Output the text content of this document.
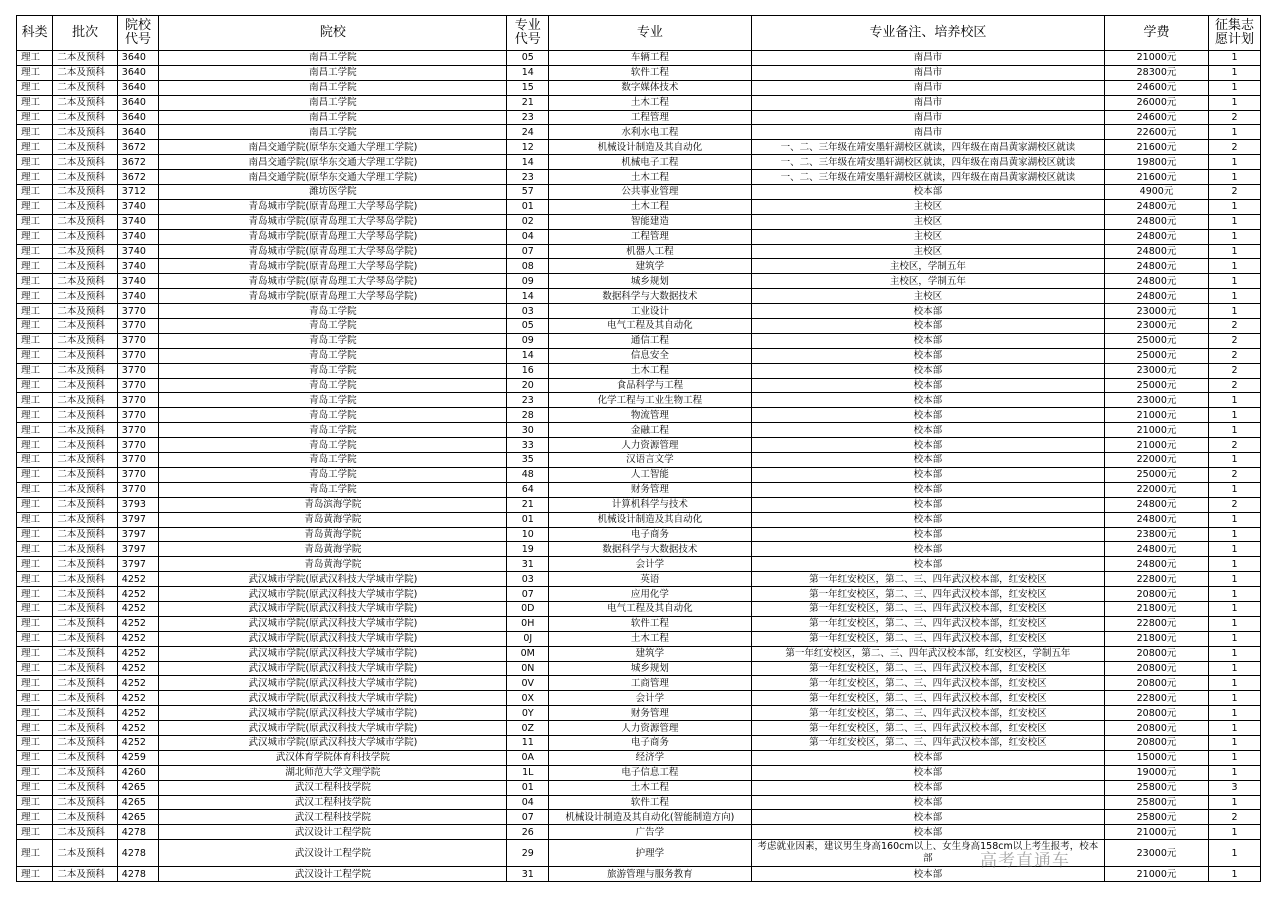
科类	批次	院校代号	院校	专业代号	专业	专业备注、培养校区	学费	征集志愿计划
理工	二本及预科	3640	南昌工学院	05	车辆工程	南昌市	21000元	1
理工	二本及预科	3640	南昌工学院	14	软件工程	南昌市	28300元	1
理工	二本及预科	3640	南昌工学院	15	数字媒体技术	南昌市	24600元	1
理工	二本及预科	3640	南昌工学院	21	土木工程	南昌市	26000元	1
理工	二本及预科	3640	南昌工学院	23	工程管理	南昌市	24600元	2
理工	二本及预科	3640	南昌工学院	24	水利水电工程	南昌市	22600元	1
理工	二本及预科	3672	南昌交通学院(原华东交通大学理工学院)	12	机械设计制造及其自动化	一、二、三年级在靖安墨轩湖校区就读，四年级在南昌黄家湖校区就读	21600元	2
理工	二本及预科	3672	南昌交通学院(原华东交通大学理工学院)	14	机械电子工程	一、二、三年级在靖安墨轩湖校区就读，四年级在南昌黄家湖校区就读	19800元	1
理工	二本及预科	3672	南昌交通学院(原华东交通大学理工学院)	23	土木工程	一、二、三年级在靖安墨轩湖校区就读，四年级在南昌黄家湖校区就读	21600元	1
理工	二本及预科	3712	潍坊医学院	57	公共事业管理	校本部	4900元	2
理工	二本及预科	3740	青岛城市学院(原青岛理工大学琴岛学院)	01	土木工程	主校区	24800元	1
理工	二本及预科	3740	青岛城市学院(原青岛理工大学琴岛学院)	02	智能建造	主校区	24800元	1
理工	二本及预科	3740	青岛城市学院(原青岛理工大学琴岛学院)	04	工程管理	主校区	24800元	1
理工	二本及预科	3740	青岛城市学院(原青岛理工大学琴岛学院)	07	机器人工程	主校区	24800元	1
理工	二本及预科	3740	青岛城市学院(原青岛理工大学琴岛学院)	08	建筑学	主校区，学制五年	24800元	1
理工	二本及预科	3740	青岛城市学院(原青岛理工大学琴岛学院)	09	城乡规划	主校区，学制五年	24800元	1
理工	二本及预科	3740	青岛城市学院(原青岛理工大学琴岛学院)	14	数据科学与大数据技术	主校区	24800元	1
理工	二本及预科	3770	青岛工学院	03	工业设计	校本部	23000元	1
理工	二本及预科	3770	青岛工学院	05	电气工程及其自动化	校本部	23000元	2
理工	二本及预科	3770	青岛工学院	09	通信工程	校本部	25000元	2
理工	二本及预科	3770	青岛工学院	14	信息安全	校本部	25000元	2
理工	二本及预科	3770	青岛工学院	16	土木工程	校本部	23000元	2
理工	二本及预科	3770	青岛工学院	20	食品科学与工程	校本部	25000元	2
理工	二本及预科	3770	青岛工学院	23	化学工程与工业生物工程	校本部	23000元	1
理工	二本及预科	3770	青岛工学院	28	物流管理	校本部	21000元	1
理工	二本及预科	3770	青岛工学院	30	金融工程	校本部	21000元	1
理工	二本及预科	3770	青岛工学院	33	人力资源管理	校本部	21000元	2
理工	二本及预科	3770	青岛工学院	35	汉语言文学	校本部	22000元	1
理工	二本及预科	3770	青岛工学院	48	人工智能	校本部	25000元	2
理工	二本及预科	3770	青岛工学院	64	财务管理	校本部	22000元	1
理工	二本及预科	3793	青岛滨海学院	21	计算机科学与技术	校本部	24800元	2
理工	二本及预科	3797	青岛黄海学院	01	机械设计制造及其自动化	校本部	24800元	1
理工	二本及预科	3797	青岛黄海学院	10	电子商务	校本部	23800元	1
理工	二本及预科	3797	青岛黄海学院	19	数据科学与大数据技术	校本部	24800元	1
理工	二本及预科	3797	青岛黄海学院	31	会计学	校本部	24800元	1
理工	二本及预科	4252	武汉城市学院(原武汉科技大学城市学院)	03	英语	第一年红安校区，第二、三、四年武汉校本部，红安校区	22800元	1
理工	二本及预科	4252	武汉城市学院(原武汉科技大学城市学院)	07	应用化学	第一年红安校区，第二、三、四年武汉校本部，红安校区	20800元	1
理工	二本及预科	4252	武汉城市学院(原武汉科技大学城市学院)	0D	电气工程及其自动化	第一年红安校区，第二、三、四年武汉校本部，红安校区	21800元	1
理工	二本及预科	4252	武汉城市学院(原武汉科技大学城市学院)	0H	软件工程	第一年红安校区，第二、三、四年武汉校本部，红安校区	22800元	1
理工	二本及预科	4252	武汉城市学院(原武汉科技大学城市学院)	0J	土木工程	第一年红安校区，第二、三、四年武汉校本部，红安校区	21800元	1
理工	二本及预科	4252	武汉城市学院(原武汉科技大学城市学院)	0M	建筑学	第一年红安校区，第二、三、四年武汉校本部，红安校区，学制五年	20800元	1
理工	二本及预科	4252	武汉城市学院(原武汉科技大学城市学院)	0N	城乡规划	第一年红安校区，第二、三、四年武汉校本部，红安校区	20800元	1
理工	二本及预科	4252	武汉城市学院(原武汉科技大学城市学院)	0V	工商管理	第一年红安校区，第二、三、四年武汉校本部，红安校区	20800元	1
理工	二本及预科	4252	武汉城市学院(原武汉科技大学城市学院)	0X	会计学	第一年红安校区，第二、三、四年武汉校本部，红安校区	22800元	1
理工	二本及预科	4252	武汉城市学院(原武汉科技大学城市学院)	0Y	财务管理	第一年红安校区，第二、三、四年武汉校本部，红安校区	20800元	1
理工	二本及预科	4252	武汉城市学院(原武汉科技大学城市学院)	0Z	人力资源管理	第一年红安校区，第二、三、四年武汉校本部，红安校区	20800元	1
理工	二本及预科	4252	武汉城市学院(原武汉科技大学城市学院)	11	电子商务	第一年红安校区，第二、三、四年武汉校本部，红安校区	20800元	1
理工	二本及预科	4259	武汉体育学院体育科技学院	0A	经济学	校本部	15000元	1
理工	二本及预科	4260	湖北师范大学文理学院	1L	电子信息工程	校本部	19000元	1
理工	二本及预科	4265	武汉工程科技学院	01	土木工程	校本部	25800元	3
理工	二本及预科	4265	武汉工程科技学院	04	软件工程	校本部	25800元	1
理工	二本及预科	4265	武汉工程科技学院	07	机械设计制造及其自动化(智能制造方向)	校本部	25800元	2
理工	二本及预科	4278	武汉设计工程学院	26	广告学	校本部	21000元	1
理工	二本及预科	4278	武汉设计工程学院	29	护理学	考虑就业因素，建议男生身高160cm以上、女生身高158cm以上考生报考，校本部	23000元	1
理工	二本及预科	4278	武汉设计工程学院	31	旅游管理与服务教育	校本部	21000元	1
高考直通车
